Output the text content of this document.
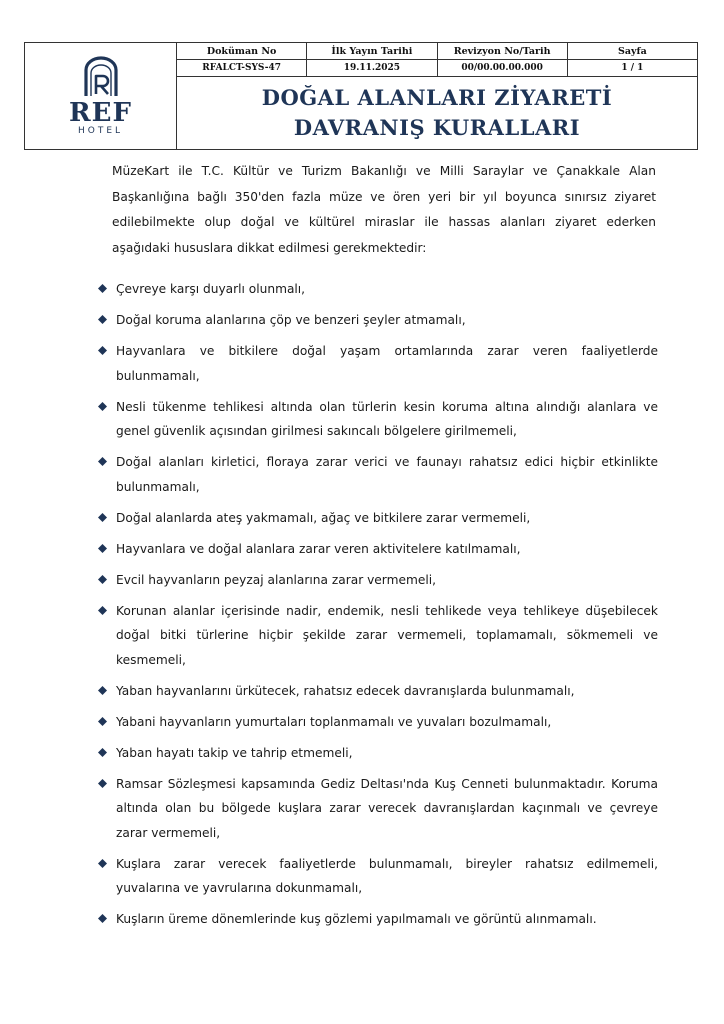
REF
HOTEL	Doküman No	İlk Yayın Tarihi	Revizyon No/Tarih	Sayfa
	RFALCT-SYS-47	19.11.2025	00/00.00.00.000	1 / 1

	DOĞAL ALANLARI ZİYARETİ
DAVRANIŞ KURALLARI			

MüzeKart ile T.C. Kültür ve Turizm Bakanlığı ve Milli Saraylar ve Çanakkale Alan Başkanlığına bağlı 350'den fazla müze ve ören yeri bir yıl boyunca sınırsız ziyaret edilebilmekte olup doğal ve kültürel miraslar ile hassas alanları ziyaret ederken aşağıdaki hususlara dikkat edilmesi gerekmektedir:

Çevreye karşı duyarlı olunmalı,
Doğal koruma alanlarına çöp ve benzeri şeyler atmamalı,
Hayvanlara ve bitkilere doğal yaşam ortamlarında zarar veren faaliyetlerde bulunmamalı,
Nesli tükenme tehlikesi altında olan türlerin kesin koruma altına alındığı alanlara ve genel güvenlik açısından girilmesi sakıncalı bölgelere girilmemeli,
Doğal alanları kirletici, floraya zarar verici ve faunayı rahatsız edici hiçbir etkinlikte bulunmamalı,
Doğal alanlarda ateş yakmamalı, ağaç ve bitkilere zarar vermemeli,
Hayvanlara ve doğal alanlara zarar veren aktivitelere katılmamalı,
Evcil hayvanların peyzaj alanlarına zarar vermemeli,
Korunan alanlar içerisinde nadir, endemik, nesli tehlikede veya tehlikeye düşebilecek doğal bitki türlerine hiçbir şekilde zarar vermemeli, toplamamalı, sökmemeli ve kesmemeli,
Yaban hayvanlarını ürkütecek, rahatsız edecek davranışlarda bulunmamalı,
Yabani hayvanların yumurtaları toplanmamalı ve yuvaları bozulmamalı,
Yaban hayatı takip ve tahrip etmemeli,
Ramsar Sözleşmesi kapsamında Gediz Deltası'nda Kuş Cenneti bulunmaktadır. Koruma altında olan bu bölgede kuşlara zarar verecek davranışlardan kaçınmalı ve çevreye zarar vermemeli,
Kuşlara zarar verecek faaliyetlerde bulunmamalı, bireyler rahatsız edilmemeli, yuvalarına ve yavrularına dokunmamalı,
Kuşların üreme dönemlerinde kuş gözlemi yapılmamalı ve görüntü alınmamalı.
